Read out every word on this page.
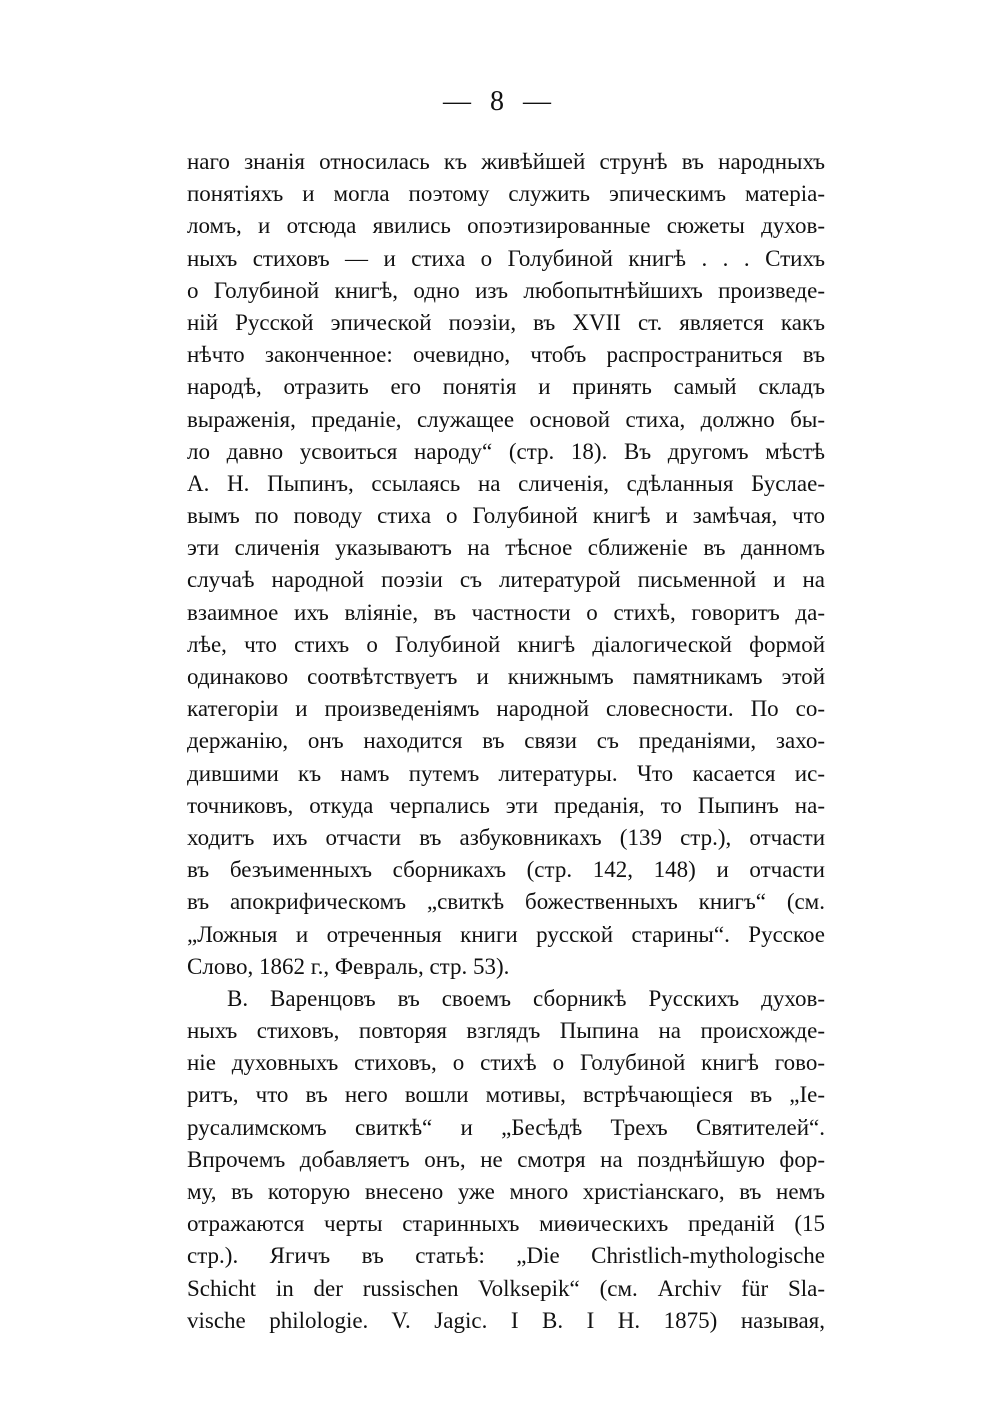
— 8 —
наго знанія относилась къ живѣйшей струнѣ въ народныхъ
понятіяхъ и могла поэтому служить эпическимъ матеріа-
ломъ, и отсюда явились опоэтизированные сюжеты духов-
ныхъ стиховъ — и стиха о Голубиной книгѣ . . . Стихъ
о Голубиной книгѣ, одно изъ любопытнѣйшихъ произведе-
ній Русской эпической поэзіи, въ XVII ст. является какъ
нѣчто законченное: очевидно, чтобъ распространиться въ
народѣ, отразить его понятія и принять самый складъ
выраженія, преданіе, служащее основой стиха, должно бы-
ло давно усвоиться народу“ (стр. 18). Въ другомъ мѣстѣ
А. Н. Пыпинъ, ссылаясь на сличенія, сдѣланныя Буслае-
вымъ по поводу стиха о Голубиной книгѣ и замѣчая, что
эти сличенія указываютъ на тѣсное сближеніе въ данномъ
случаѣ народной поэзіи съ литературой письменной и на
взаимное ихъ вліяніе, въ частности о стихѣ, говоритъ да-
лѣе, что стихъ о Голубиной книгѣ діалогической формой
одинаково соотвѣтствуетъ и книжнымъ памятникамъ этой
категоріи и произведеніямъ народной словесности. По со-
держанію, онъ находится въ связи съ преданіями, захо-
дившими къ намъ путемъ литературы. Что касается ис-
точниковъ, откуда черпались эти преданія, то Пыпинъ на-
ходитъ ихъ отчасти въ азбуковникахъ (139 стр.), отчасти
въ безъименныхъ сборникахъ (стр. 142, 148) и отчасти
въ апокрифическомъ „свиткѣ божественныхъ книгъ“ (см.
„Ложныя и отреченныя книги русской старины“. Русское
Слово, 1862 г., Февраль, стр. 53).
В. Варенцовъ въ своемъ сборникѣ Русскихъ духов-
ныхъ стиховъ, повторяя взглядъ Пыпина на происхожде-
ніе духовныхъ стиховъ, о стихѣ о Голубиной книгѣ гово-
ритъ, что въ него вошли мотивы, встрѣчающіеся въ „Іе-
русалимскомъ свиткѣ“ и „Бесѣдѣ Трехъ Святителей“.
Впрочемъ добавляетъ онъ, не смотря на позднѣйшую фор-
му, въ которую внесено уже много христіанскаго, въ немъ
отражаются черты старинныхъ миѳическихъ преданій (15
стр.). Ягичъ въ статьѣ: „Die Christlich-mythologische
Schicht in der russischen Volksepik“ (см. Archiv für Sla-
vische philologie. V. Jagic. I B. I H. 1875) называя,
